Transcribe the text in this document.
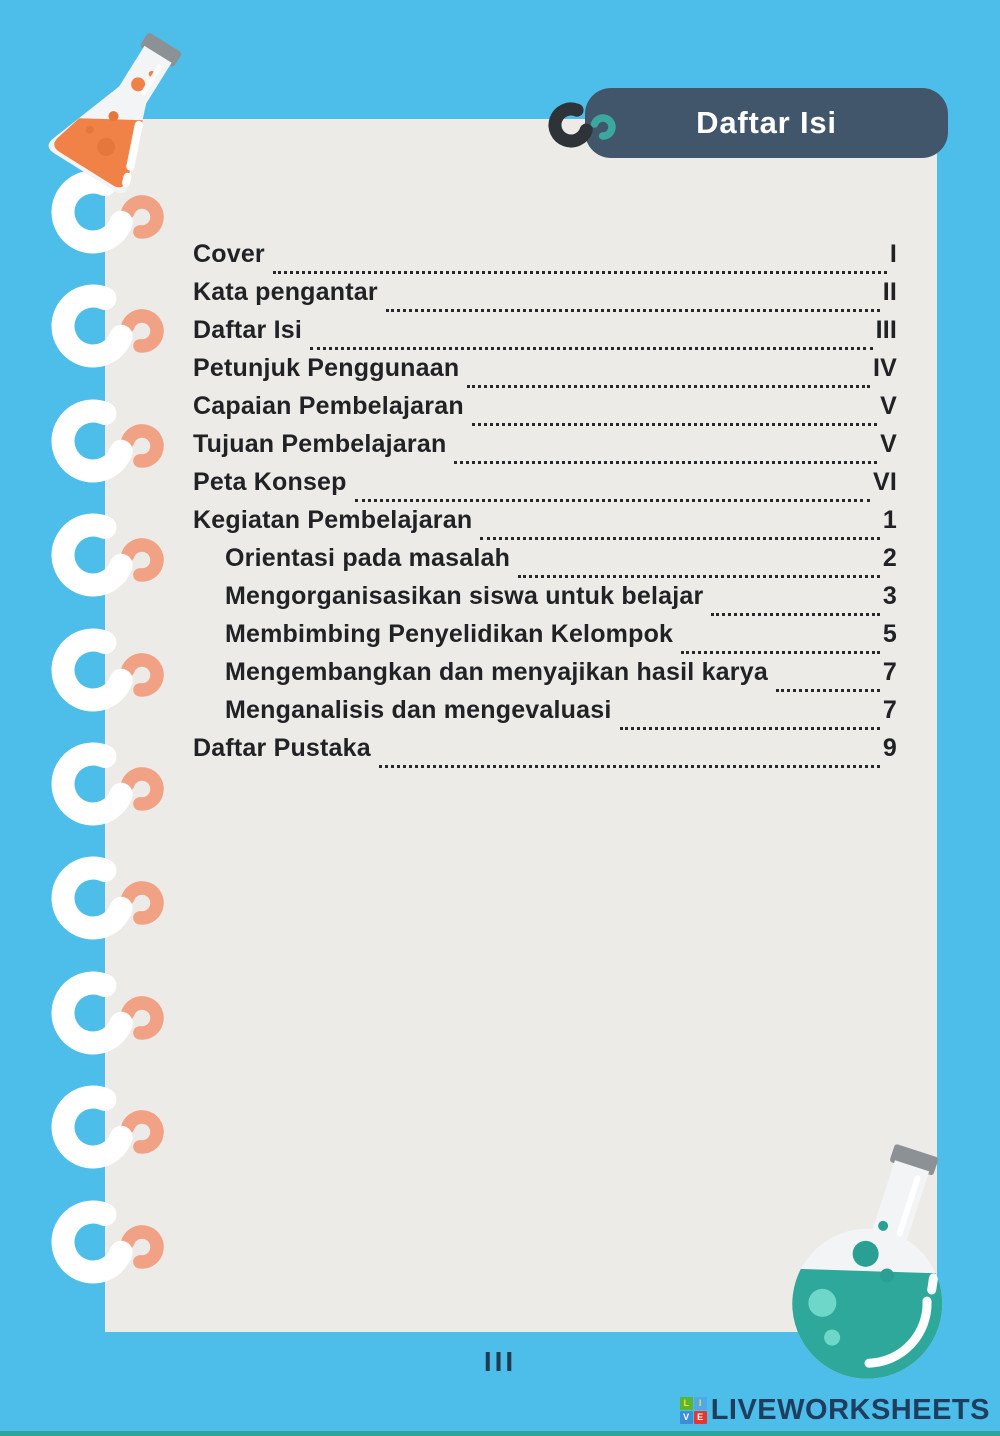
Daftar Isi
Cover	I
Kata pengantar	II
Daftar Isi	III
Petunjuk Penggunaan	IV
Capaian Pembelajaran	V
Tujuan Pembelajaran	V
Peta Konsep	VI
Kegiatan Pembelajaran	1
Orientasi pada masalah	2
Mengorganisasikan siswa untuk belajar	3
Membimbing Penyelidikan Kelompok	5
Mengembangkan dan menyajikan hasil karya	7
Menganalisis dan mengevaluasi	7
Daftar Pustaka	9
III
L	I
V E LIVEWORKSHEETS
